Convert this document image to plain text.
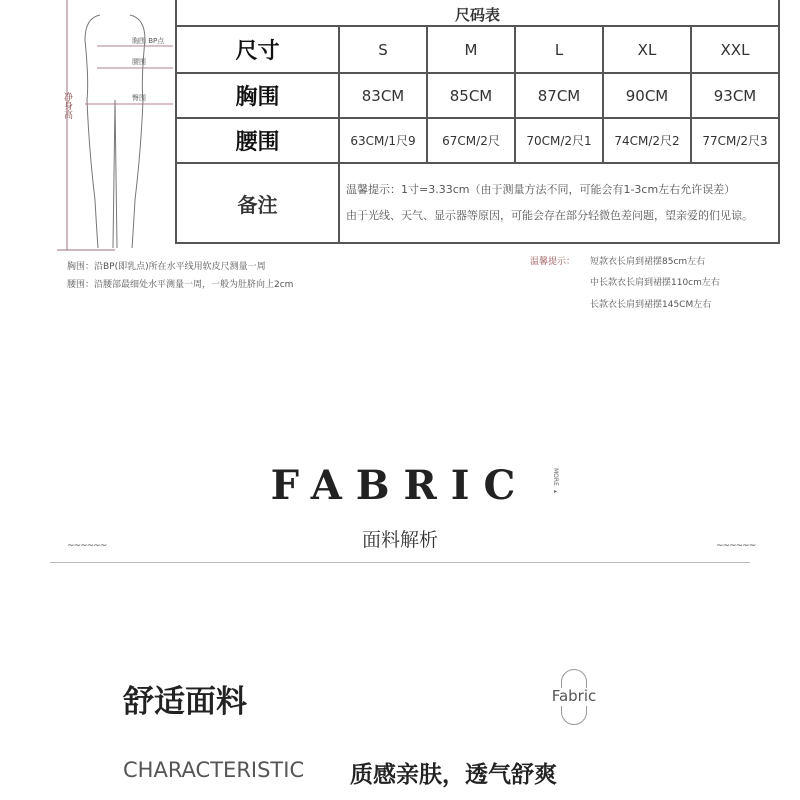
净身高
胸围 BP点
腰围
臀围
尺码表					
尺寸	S	M	L	XL	XXL
胸围	83CM	85CM	87CM	90CM	93CM
腰围	63CM/1尺9	67CM/2尺	70CM/2尺1	74CM/2尺2	77CM/2尺3
备注	温馨提示：1寸=3.33cm（由于测量方法不同，可能会有1-3cm左右允许误差）
由于光线、天气、显示器等原因，可能会存在部分轻微色差问题，望亲爱的们见谅。				
胸围：沿BP(即乳点)所在水平线用软皮尺测量一周
腰围：沿腰部最细处水平测量一周，一般为肚脐向上2cm
温馨提示： 短款衣长肩到裙摆85cm左右
中长款衣长肩到裙摆110cm左右
长款衣长肩到裙摆145CM左右
FABRIC	MORE ▸
面料解析
~~~~~~	~~~~~~
舒适面料	Fabric
CHARACTERISTIC 质感亲肤，透气舒爽
